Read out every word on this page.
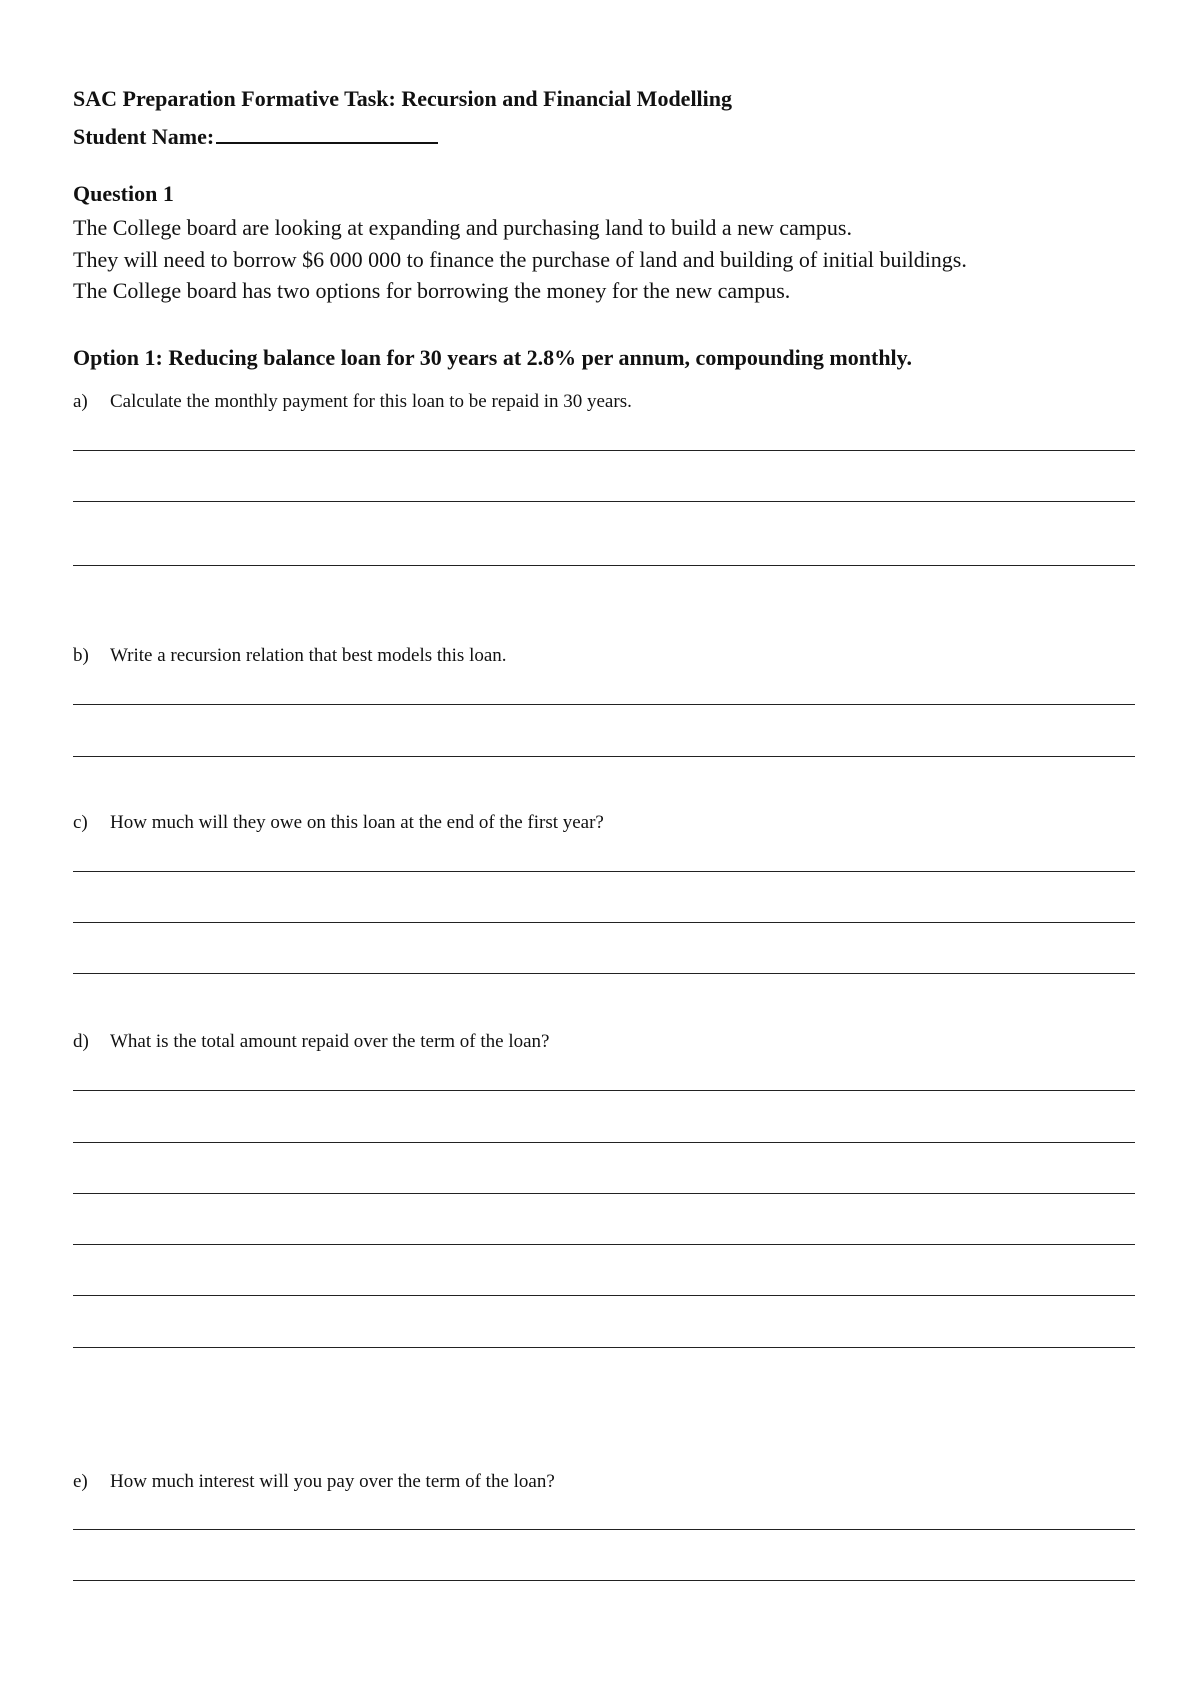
SAC Preparation Formative Task: Recursion and Financial Modelling
Student Name:
Question 1
The College board are looking at expanding and purchasing land to build a new campus.
They will need to borrow $6 000 000 to finance the purchase of land and building of initial buildings.
The College board has two options for borrowing the money for the new campus.
Option 1: Reducing balance loan for 30 years at 2.8% per annum, compounding monthly.
a) Calculate the monthly payment for this loan to be repaid in 30 years.
b) Write a recursion relation that best models this loan.
c) How much will they owe on this loan at the end of the first year?
d) What is the total amount repaid over the term of the loan?
e) How much interest will you pay over the term of the loan?
